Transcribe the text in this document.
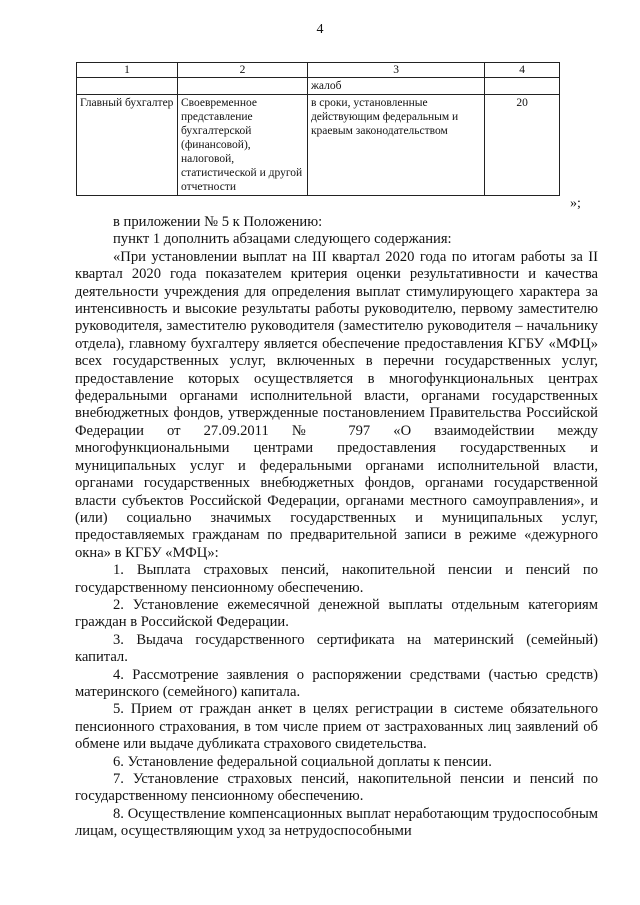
4
1	2	3	4
		жалоб	
Главный бухгалтер	Своевременное представление бухгалтерской (финансовой), налоговой, статистической и другой отчетности	в сроки, установленные действующим федеральным и краевым законодательством	20
»;

в приложении № 5 к Положению:

пункт 1 дополнить абзацами следующего содержания:

«При установлении выплат на III квартал 2020 года по итогам работы за II квартал 2020 года показателем критерия оценки результативности и качества деятельности учреждения для определения выплат стимулирующего характера за интенсивность и высокие результаты работы руководителю, первому заместителю руководителя, заместителю руководителя (заместителю руководителя – начальнику отдела), главному бухгалтеру является обеспечение предоставления КГБУ «МФЦ» всех государственных услуг, включенных в перечни государственных услуг, предоставление которых осуществляется в многофункциональных центрах федеральными органами исполнительной власти, органами государственных внебюджетных фондов, утвержденные постановлением Правительства Российской Федерации от 27.09.2011 № 797 «О взаимодействии между многофункциональными центрами предоставления государственных и муниципальных услуг и федеральными органами исполнительной власти, органами государственных внебюджетных фондов, органами государственной власти субъектов Российской Федерации, органами местного самоуправления», и (или) социально значимых государственных и муниципальных услуг, предоставляемых гражданам по предварительной записи в режиме «дежурного окна» в КГБУ «МФЦ»:

1. Выплата страховых пенсий, накопительной пенсии и пенсий по государственному пенсионному обеспечению.

2. Установление ежемесячной денежной выплаты отдельным категориям граждан в Российской Федерации.

3. Выдача государственного сертификата на материнский (семейный) капитал.

4. Рассмотрение заявления о распоряжении средствами (частью средств) материнского (семейного) капитала.

5. Прием от граждан анкет в целях регистрации в системе обязательного пенсионного страхования, в том числе прием от застрахованных лиц заявлений об обмене или выдаче дубликата страхового свидетельства.

6. Установление федеральной социальной доплаты к пенсии.

7. Установление страховых пенсий, накопительной пенсии и пенсий по государственному пенсионному обеспечению.

8. Осуществление компенсационных выплат неработающим трудоспособным лицам, осуществляющим уход за нетрудоспособными
